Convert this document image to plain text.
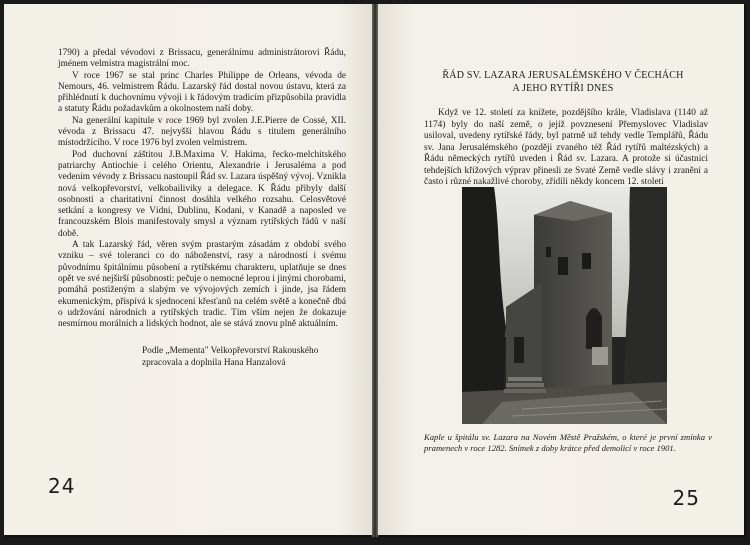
1790) a předal vévodovi z Brissacu, generálnímu administrátorovi Řádu, jménem velmistra magistrální moc.

V roce 1967 se stal princ Charles Philippe de Orleans, vévoda de Nemours, 46. velmistrem Řádu. Lazarský řád dostal novou ústavu, která za přihlédnutí k duchovnímu vývoji i k řádovým tradicím přizpůsobila pravidla a statuty Řádu požadavkům a okolnostem naší doby.

Na generální kapitule v roce 1969 byl zvolen J.E.Pierre de Cossé, XII. vévoda z Brissacu 47. nejvyšší hlavou Řádu s titulem generálního místodržícího. V roce 1976 byl zvolen velmistrem.

Pod duchovní záštitou J.B.Maxima V. Hakima, řecko-melchitského patriarchy Antiochie i celého Orientu, Alexandrie i Jerusaléma a pod vedením vévody z Brissacu nastoupil Řád sv. Lazara úspěšný vývoj. Vznikla nová velkopřevorství, velkobailiviky a delegace. K Řádu přibyly další osobnosti a charitativní činnost dosáhla velkého rozsahu. Celosvětové setkání a kongresy ve Vídni, Dublinu, Kodani, v Kanadě a naposled ve francouzském Blois manifestovaly smysl a význam rytířských řádů v naší době.

A tak Lazarský řád, věren svým prastarým zásadám z období svého vzniku – své toleranci co do náboženství, rasy a národností i svému původnímu špitálnímu působení a rytířskému charakteru, uplatňuje se dnes opět ve své nejširší působnosti: pečuje o nemocné leprou i jinými chorobami, pomáhá postiženým a slabým ve vývojových zemích i jinde, jsa řádem ekumenickým, přispívá k sjednocení křesťanů na celém světě a konečně dbá o udržování národních a rytířských tradic. Tím vším nejen že dokazuje nesmírnou morálních a lidských hodnot, ale se stává znovu plně aktuálním.

Podle „Mementa" Velkopřevorství Rakouského
zpracovala a doplnila Hana Hanzalová

24
ŘÁD SV. LAZARA JERUSALÉMSKÉHO V ČECHÁCH
A JEHO RYTÍŘI DNES

Když ve 12. století za knížete, pozdějšího krále, Vladislava (1140 až 1174) byly do naší země, o jejíž povznesení Přemyslovec Vladislav usiloval, uvedeny rytířské řády, byl patrně už tehdy vedle Templářů, Řádu sv. Jana Jerusalémského (později zvaného též Řád rytířů maltézských) a Řádu německých rytířů uveden i Řád sv. Lazara. A protože si účastnici tehdejších křížových výprav přinesli ze Svaté Země vedle slávy i zranění a často i různé nakažlivé choroby, zřídili někdy koncem 12. století

Kaple u špitálu sv. Lazara na Novém Městě Pražském, o které je první zmínka v pramenech v roce 1282. Snímek z doby krátce před demolicí v roce 1901.
25
